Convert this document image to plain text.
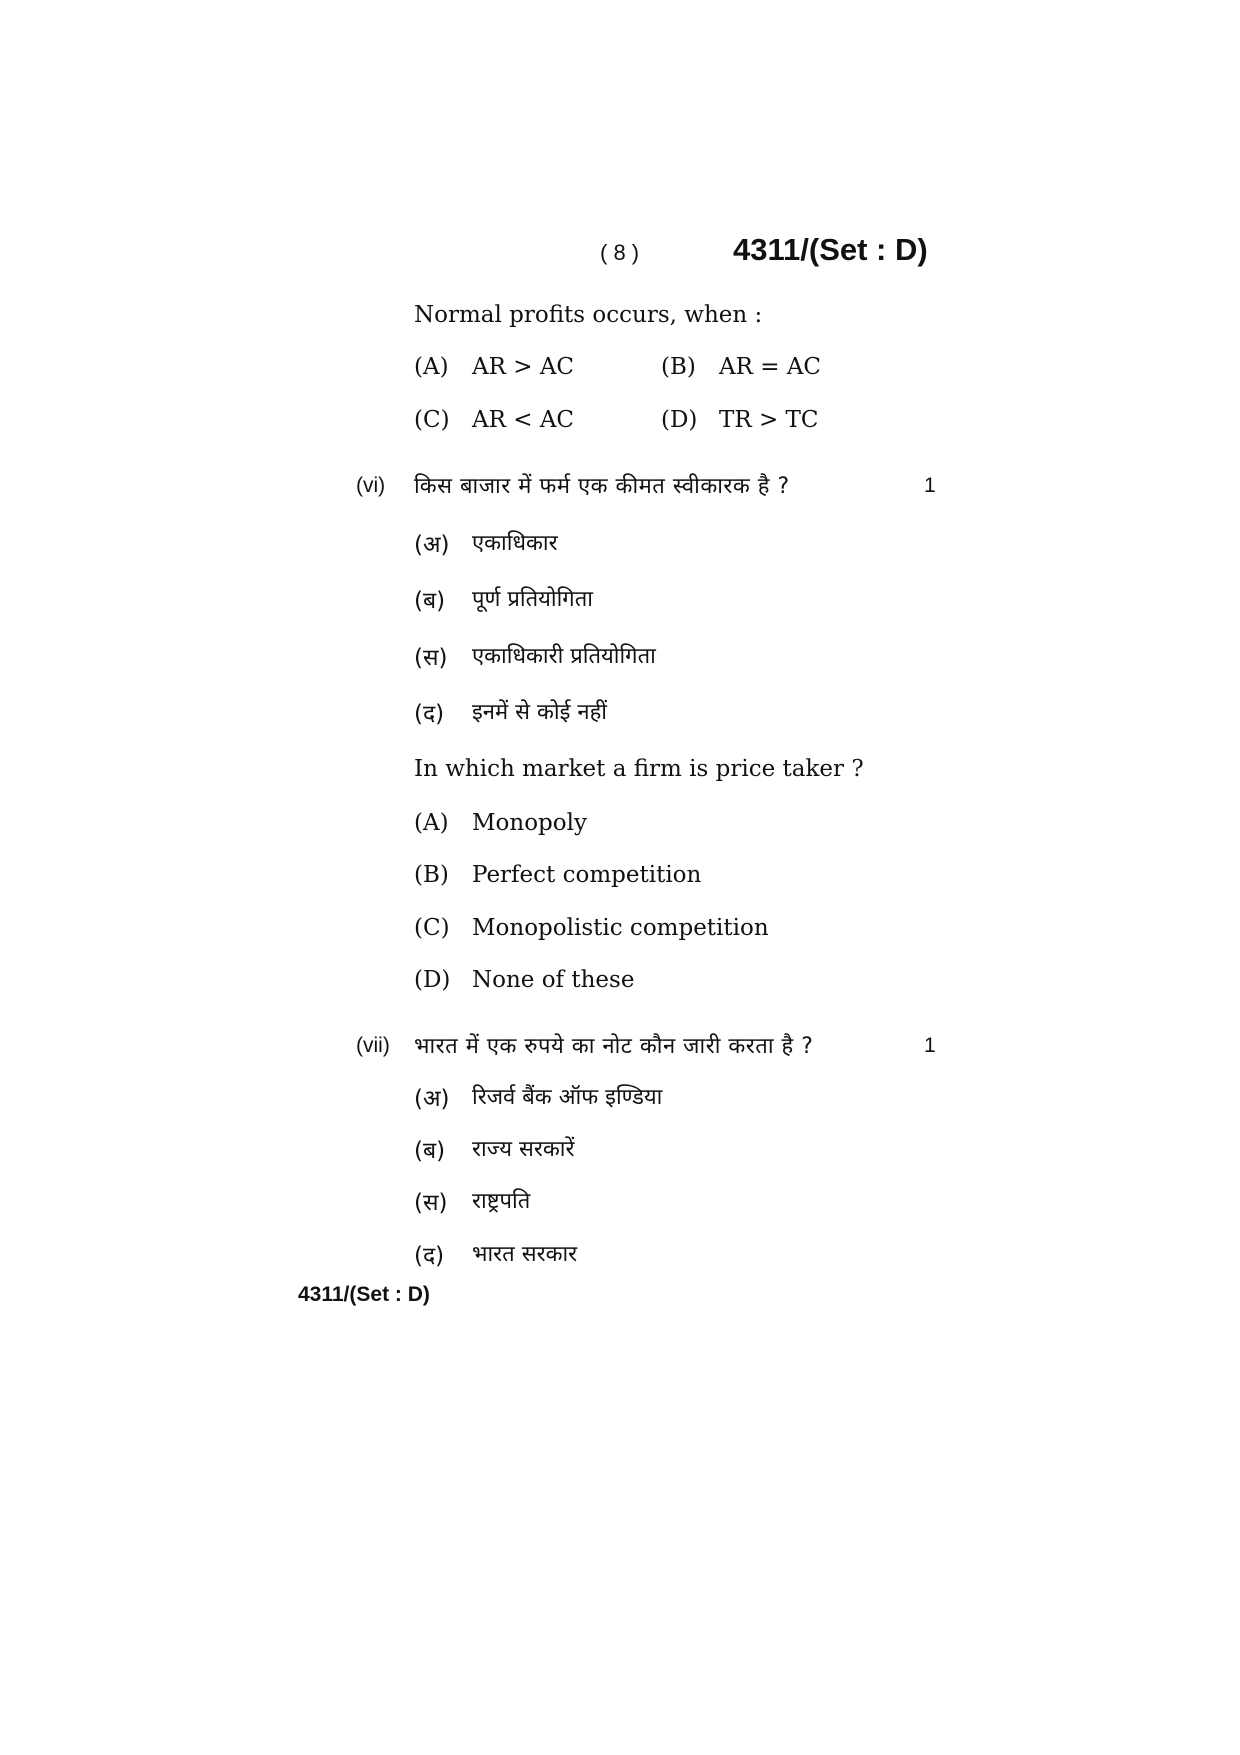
( 8 )	4311/(Set : D)
Normal profits occurs, when :
(A) AR > AC	(B) AR = AC
(C) AR < AC	(D) TR > TC
(vi) किस बाजार में फर्म एक कीमत स्वीकारक है ?	1
(अ) एकाधिकार
(ब) पूर्ण प्रतियोगिता
(स) एकाधिकारी प्रतियोगिता
(द) इनमें से कोई नहीं
In which market a firm is price taker ?
(A) Monopoly
(B) Perfect competition
(C) Monopolistic competition
(D) None of these
(vii) भारत में एक रुपये का नोट कौन जारी करता है ?	1
(अ) रिजर्व बैंक ऑफ इण्डिया
(ब) राज्य सरकारें
(स) राष्ट्रपति
(द) भारत सरकार
4311/(Set : D)
